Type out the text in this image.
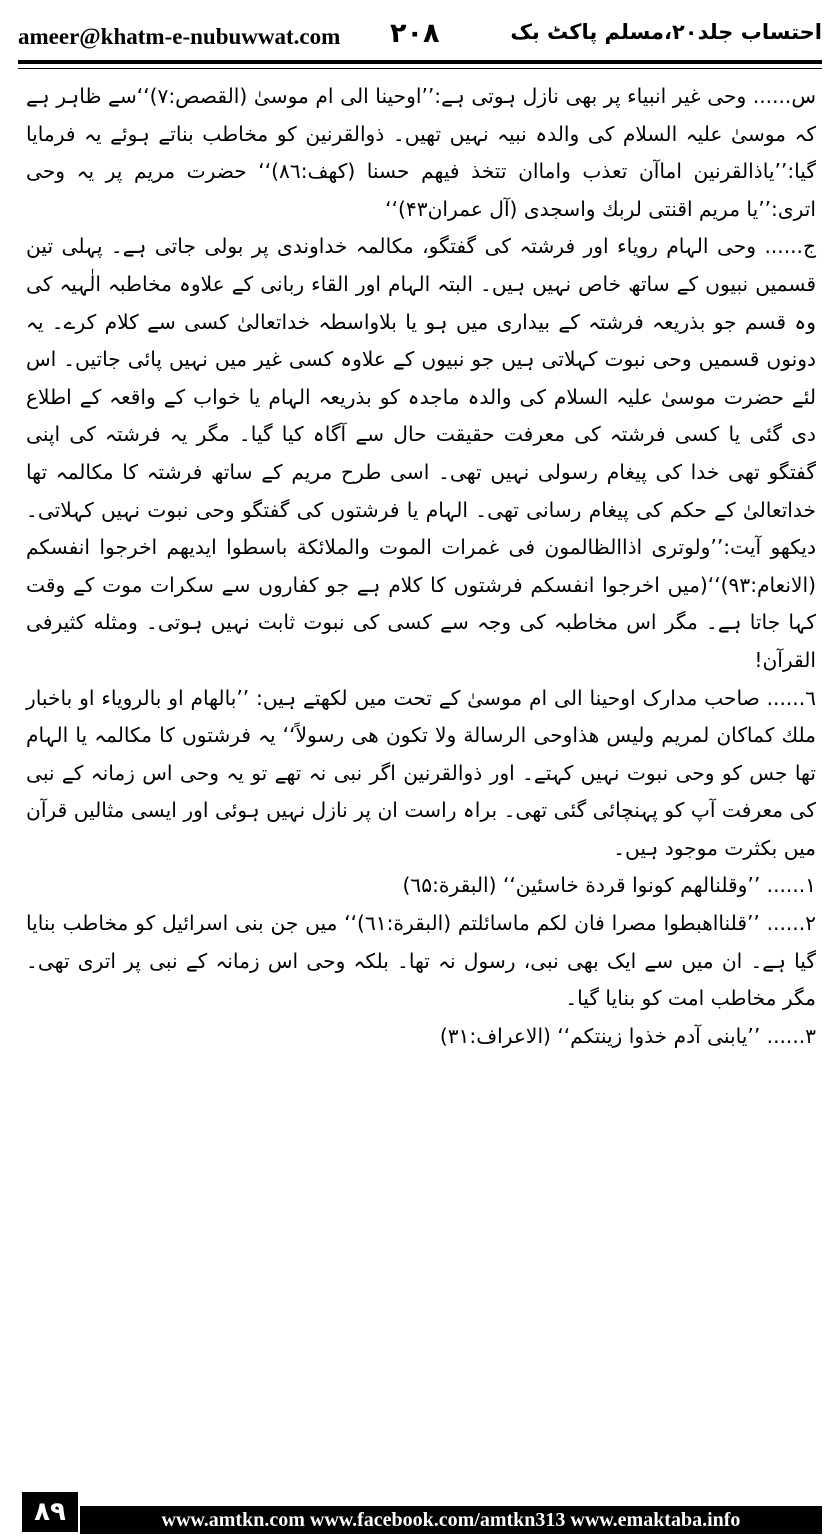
ameer@khatm-e-nubuwwat.com ۲۰۸	احتساب جلد۲۰،مسلم پاکٹ بک

س...... وحی غیر انبیاء پر بھی نازل ہوتی ہے:’’اوحینا الی ام موسیٰ (القصص:۷)‘‘سے ظاہر ہے کہ موسیٰ علیہ السلام کی والدہ نبیہ نہیں تھیں۔ ذوالقرنین کو مخاطب بناتے ہوئے یہ فرمایا گیا:’’یاذالقرنین اماآن تعذب واماان تتخذ فیهم حسنا (کهف:۸٦)‘‘ حضرت مریم پر یہ وحی اتری:’’یا مریم اقنتی لربك واسجدی (آل عمران۴۳)‘‘

ج...... وحی الہام رویاء اور فرشتہ کی گفتگو، مکالمہ خداوندی پر بولی جاتی ہے۔ پہلی تین قسمیں نبیوں کے ساتھ خاص نہیں ہیں۔ البتہ الہام اور القاء ربانی کے علاوہ مخاطبہ الٰہیہ کی وہ قسم جو بذریعہ فرشتہ کے بیداری میں ہو یا بلاواسطہ خداتعالیٰ کسی سے کلام کرے۔ یہ دونوں قسمیں وحی نبوت کہلاتی ہیں جو نبیوں کے علاوہ کسی غیر میں نہیں پائی جاتیں۔ اس لئے حضرت موسیٰ علیہ السلام کی والدہ ماجدہ کو بذریعہ الہام یا خواب کے واقعہ کے اطلاع دی گئی یا کسی فرشتہ کی معرفت حقیقت حال سے آگاہ کیا گیا۔ مگر یہ فرشتہ کی اپنی گفتگو تھی خدا کی پیغام رسولی نہیں تھی۔ اسی طرح مریم کے ساتھ فرشتہ کا مکالمہ تھا خداتعالیٰ کے حکم کی پیغام رسانی تھی۔ الہام یا فرشتوں کی گفتگو وحی نبوت نہیں کہلاتی۔ دیکھو آیت:’’ولوتری اذاالظالمون فی غمرات الموت والملائکة باسطوا ایدیهم اخرجوا انفسکم (الانعام:۹۳)‘‘(میں اخرجوا انفسکم فرشتوں کا کلام ہے جو کفاروں سے سکرات موت کے وقت کہا جاتا ہے۔ مگر اس مخاطبہ کی وجہ سے کسی کی نبوت ثابت نہیں ہوتی۔ ومثله کثیرفی القرآن!

٦...... صاحب مدارک اوحینا الی ام موسیٰ کے تحت میں لکھتے ہیں: ’’بالهام او بالرویاء او باخبار ملك کماکان لمریم ولیس هذاوحی الرسالة ولا تکون هی رسولاً‘‘ یہ فرشتوں کا مکالمہ یا الہام تھا جس کو وحی نبوت نہیں کہتے۔ اور ذوالقرنین اگر نبی نہ تھے تو یہ وحی اس زمانہ کے نبی کی معرفت آپ کو پہنچائی گئی تھی۔ براہ راست ان پر نازل نہیں ہوئی اور ایسی مثالیں قرآن میں بکثرت موجود ہیں۔

۱...... ’’وقلنالهم کونوا قردة خاسئین‘‘ (البقرة:٦۵)

۲...... ’’قلنااهبطوا مصرا فان لکم ماسائلتم (البقرة:٦۱)‘‘ میں جن بنی اسرائیل کو مخاطب بنایا گیا ہے۔ ان میں سے ایک بھی نبی، رسول نہ تھا۔ بلکہ وحی اس زمانہ کے نبی پر اتری تھی۔ مگر مخاطب امت کو بنایا گیا۔

۳...... ’’یابنی آدم خذوا زینتکم‘‘ (الاعراف:۳۱)

۸۹	www.amtkn.com www.facebook.com/amtkn313 www.emaktaba.info
